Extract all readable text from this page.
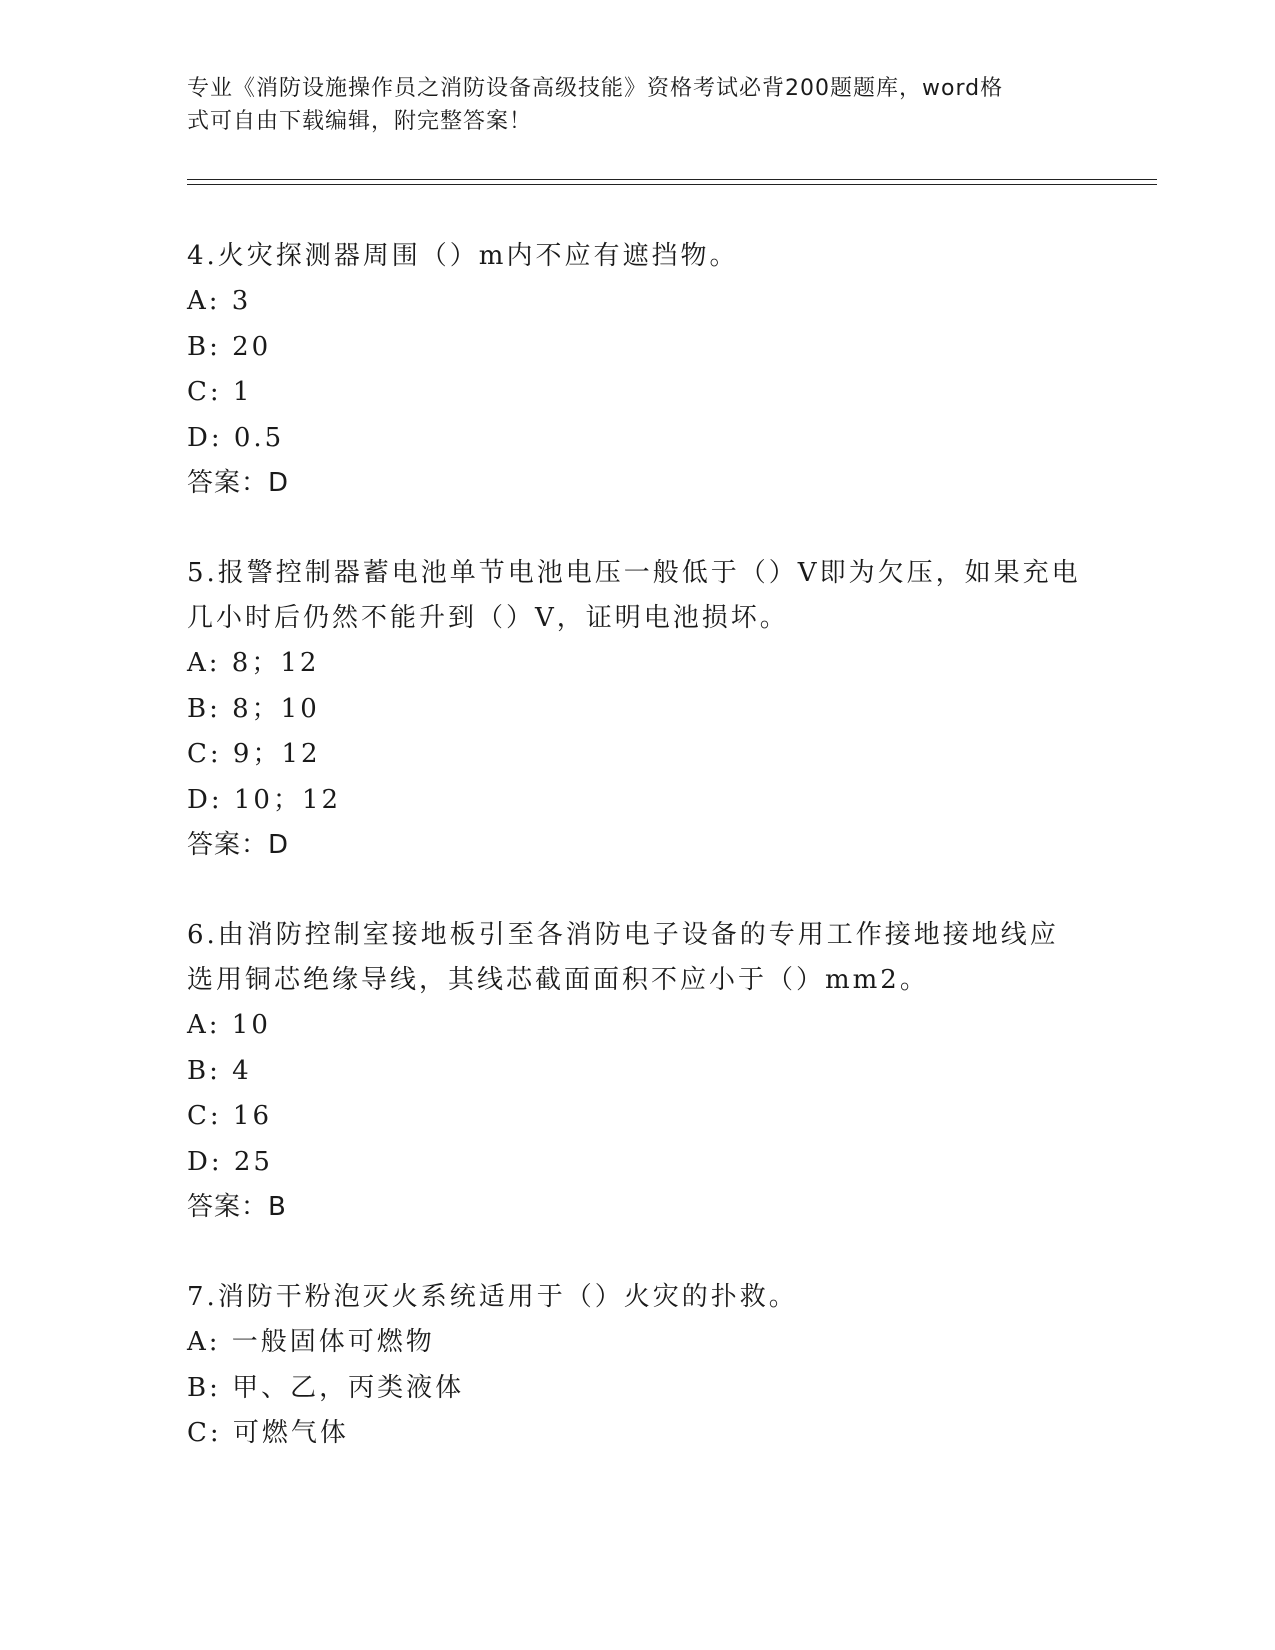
专业《消防设施操作员之消防设备高级技能》资格考试必背200题题库，word格
式可自由下载编辑，附完整答案！
4.火灾探测器周围（）m内不应有遮挡物。
A: 3
B: 20
C: 1
D: 0.5
答案：D
5.报警控制器蓄电池单节电池电压一般低于（）V即为欠压，如果充电几小时后仍然不能升到（）V，证明电池损坏。
A: 8；12
B: 8；10
C: 9；12
D: 10；12
答案：D
6.由消防控制室接地板引至各消防电子设备的专用工作接地接地线应选用铜芯绝缘导线，其线芯截面面积不应小于（）mm2。
A: 10
B: 4
C: 16
D: 25
答案：B
7.消防干粉泡灭火系统适用于（）火灾的扑救。
A: 一般固体可燃物
B: 甲、乙，丙类液体
C: 可燃气体
